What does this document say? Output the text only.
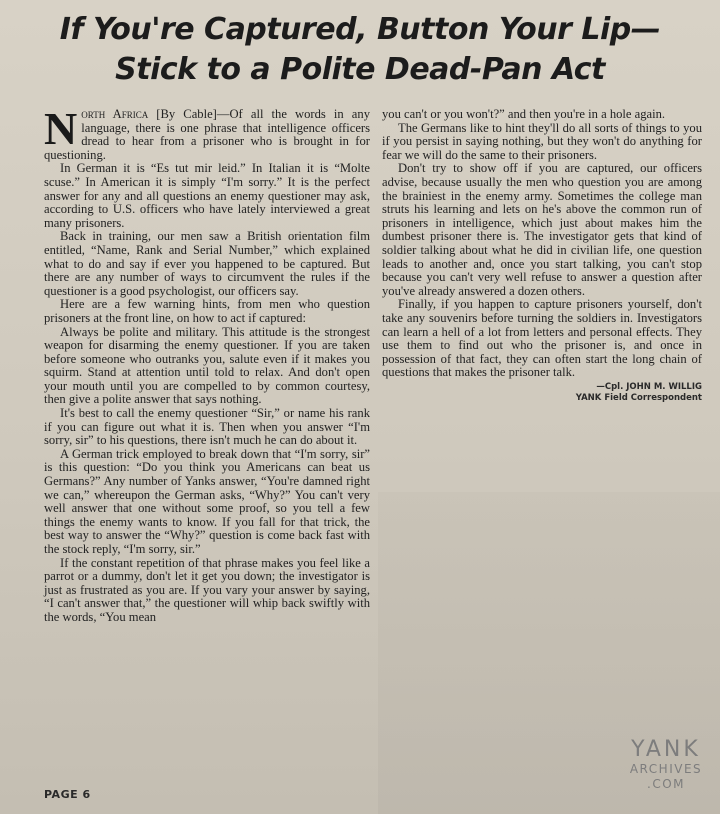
If You're Captured, Button Your Lip—
Stick to a Polite Dead-Pan Act

North Africa [By Cable]—Of all the words in any language, there is one phrase that intelligence officers dread to hear from a prisoner who is brought in for questioning.

In German it is “Es tut mir leid.” In Italian it is “Molte scuse.” In American it is simply “I'm sorry.” It is the perfect answer for any and all questions an enemy questioner may ask, according to U.S. officers who have lately interviewed a great many prisoners.

Back in training, our men saw a British orientation film entitled, “Name, Rank and Serial Number,” which explained what to do and say if ever you happened to be captured. But there are any number of ways to circumvent the rules if the questioner is a good psychologist, our officers say.

Here are a few warning hints, from men who question prisoners at the front line, on how to act if captured:

Always be polite and military. This attitude is the strongest weapon for disarming the enemy questioner. If you are taken before someone who outranks you, salute even if it makes you squirm. Stand at attention until told to relax. And don't open your mouth until you are compelled to by common courtesy, then give a polite answer that says nothing.

It's best to call the enemy questioner “Sir,” or name his rank if you can figure out what it is. Then when you answer “I'm sorry, sir” to his questions, there isn't much he can do about it.

A German trick employed to break down that “I'm sorry, sir” is this question: “Do you think you Americans can beat us Germans?” Any number of Yanks answer, “You're damned right we can,” whereupon the German asks, “Why?” You can't very well answer that one without some proof, so you tell a few things the enemy wants to know. If you fall for that trick, the best way to answer the “Why?” question is come back fast with the stock reply, “I'm sorry, sir.”

If the constant repetition of that phrase makes you feel like a parrot or a dummy, don't let it get you down; the investigator is just as frustrated as you are. If you vary your answer by saying, “I can't answer that,” the questioner will whip back swiftly with the words, “You mean

you can't or you won't?” and then you're in a hole again.

The Germans like to hint they'll do all sorts of things to you if you persist in saying nothing, but they won't do anything for fear we will do the same to their prisoners.

Don't try to show off if you are captured, our officers advise, because usually the men who question you are among the brainiest in the enemy army. Sometimes the college man struts his learning and lets on he's above the common run of prisoners in intelligence, which just about makes him the dumbest prisoner there is. The investigator gets that kind of soldier talking about what he did in civilian life, one question leads to another and, once you start talking, you can't stop because you can't very well refuse to answer a question after you've already answered a dozen others.

Finally, if you happen to capture prisoners yourself, don't take any souvenirs before turning the soldiers in. Investigators can learn a hell of a lot from letters and personal effects. They use them to find out who the prisoner is, and once in possession of that fact, they can often start the long chain of questions that makes the prisoner talk.

—Cpl. JOHN M. WILLIG
YANK Field Correspondent
PAGE 6
YANK
ARCHIVES
.COM
